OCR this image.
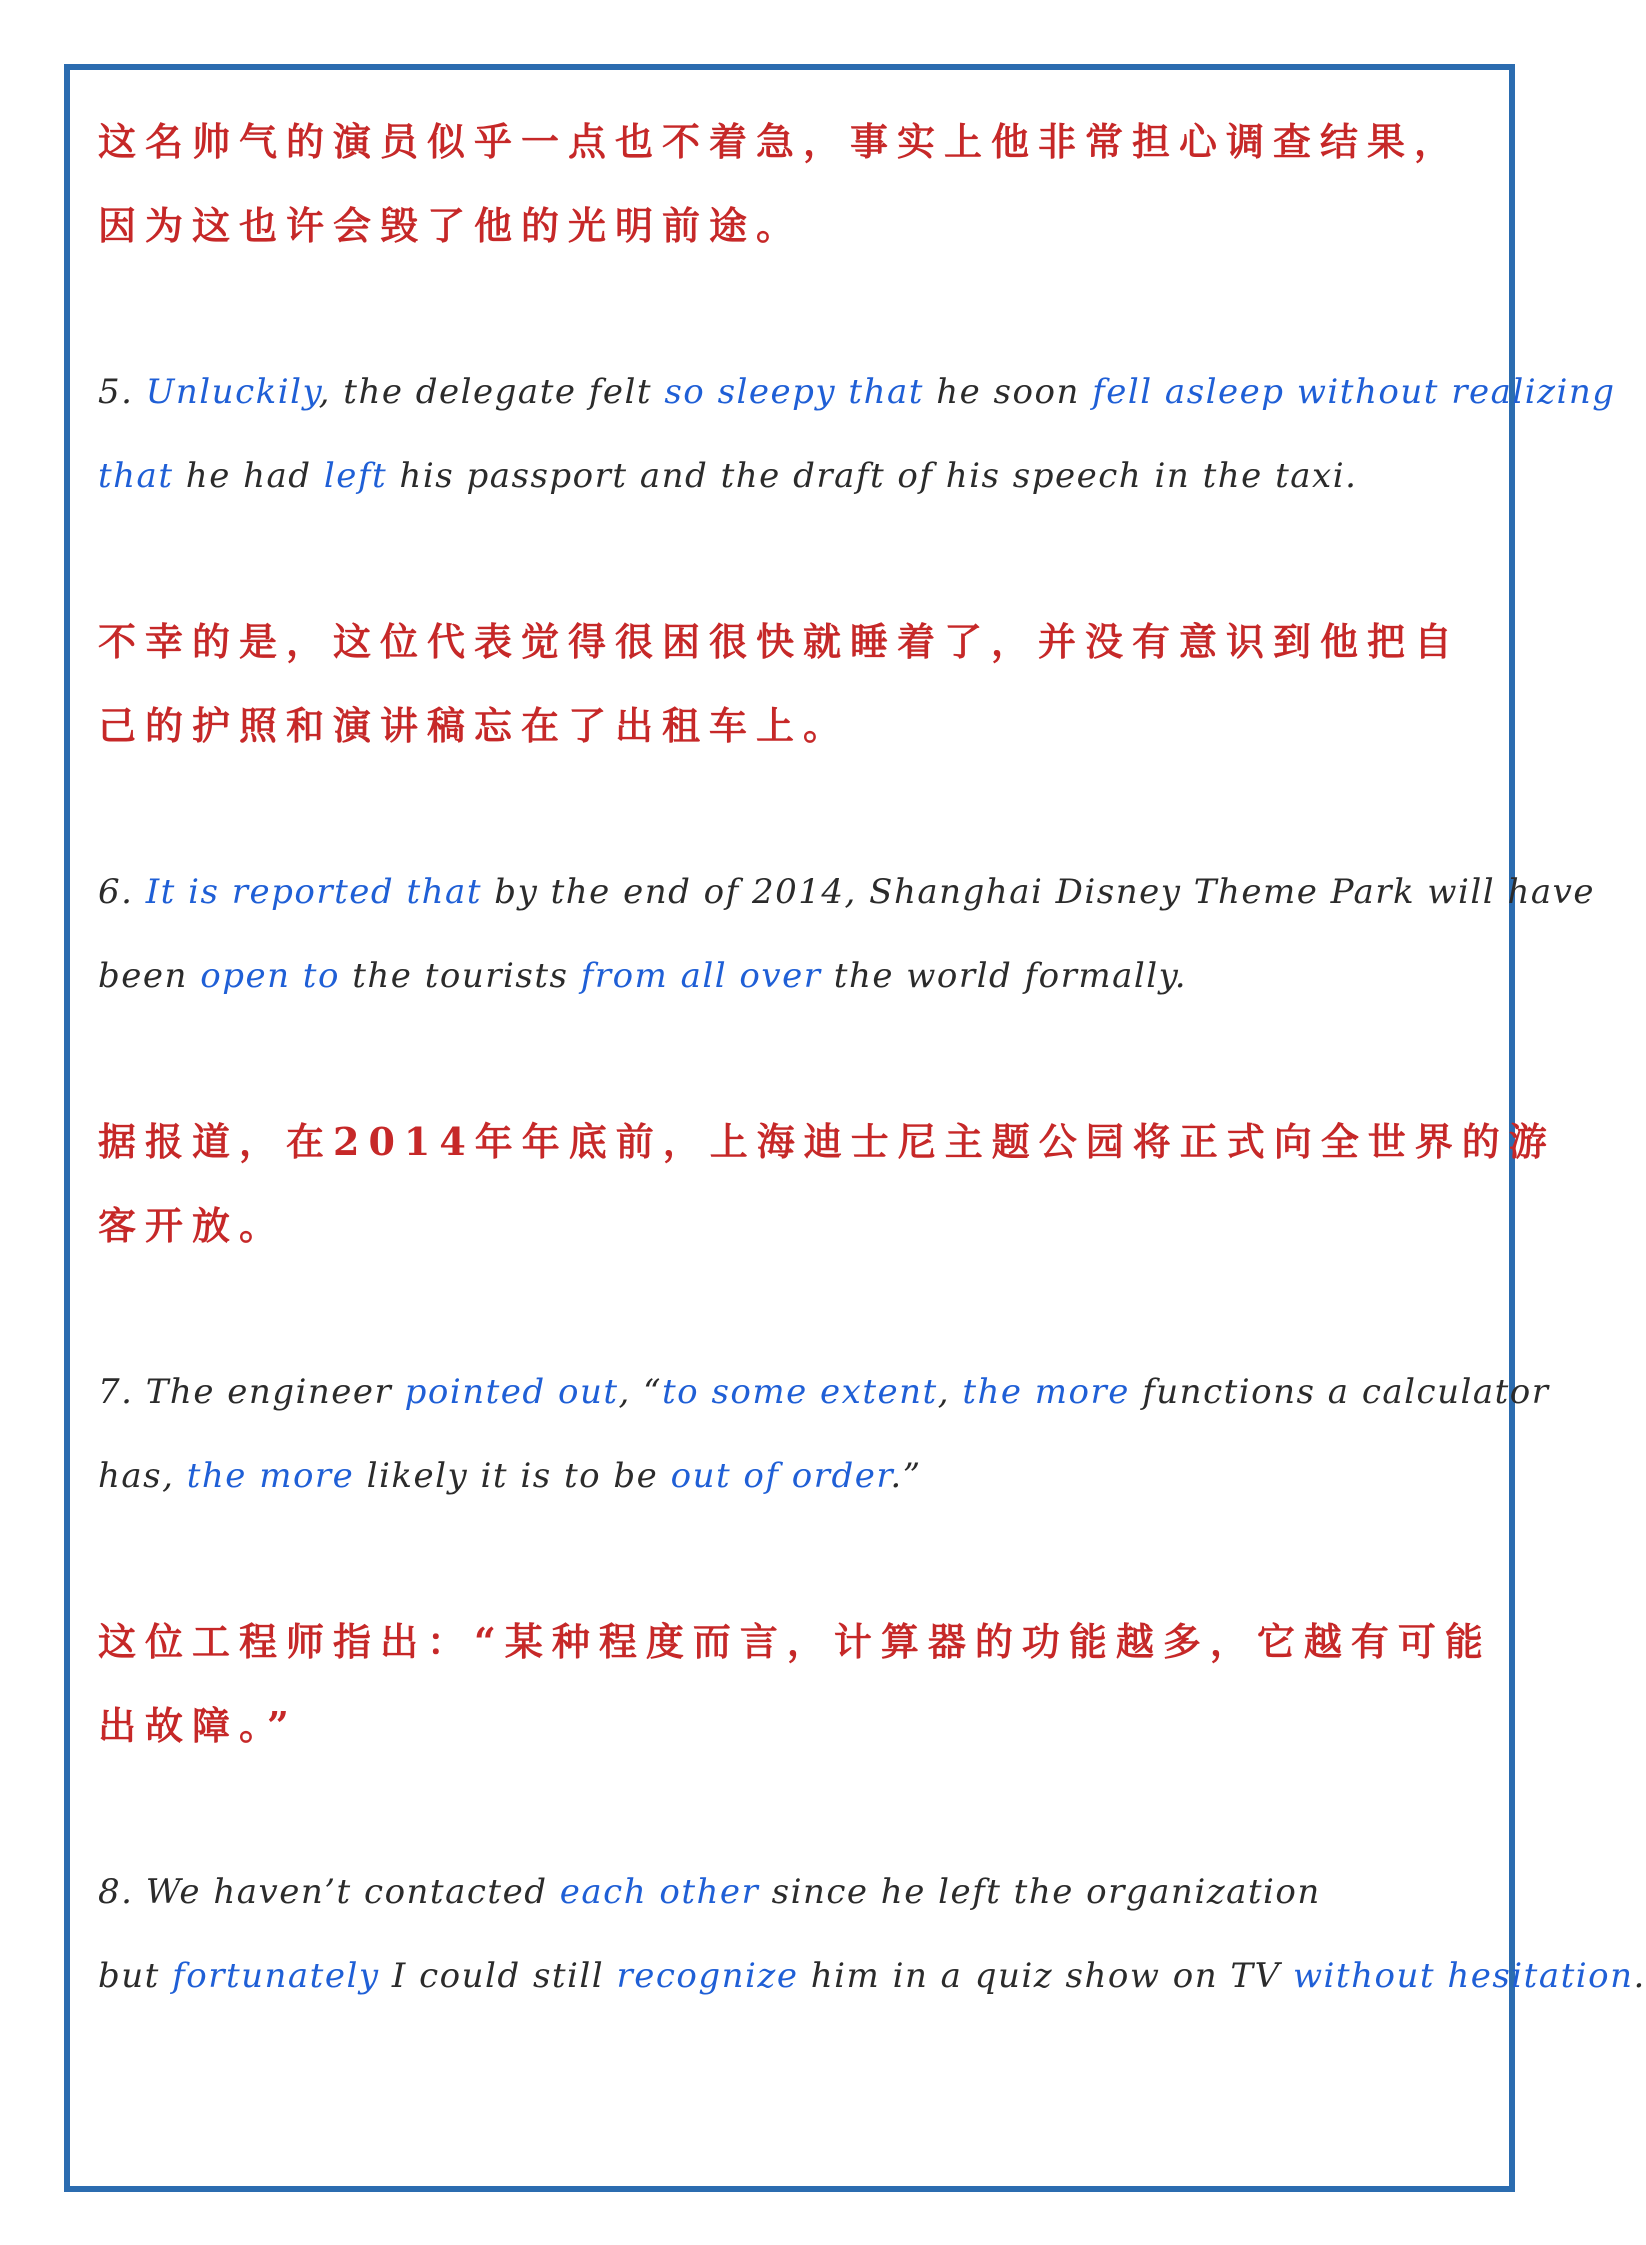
这名帅气的演员似乎一点也不着急，事实上他非常担心调查结果，
因为这也许会毁了他的光明前途。
5. Unluckily, the delegate felt so sleepy that he soon fell asleep without realizing
that he had left his passport and the draft of his speech in the taxi.
不幸的是，这位代表觉得很困很快就睡着了，并没有意识到他把自
己的护照和演讲稿忘在了出租车上。
6. It is reported that by the end of 2014, Shanghai Disney Theme Park will have
been open to the tourists from all over the world formally.
据报道，在2014年年底前，上海迪士尼主题公园将正式向全世界的游
客开放。
7. The engineer pointed out, “to some extent, the more functions a calculator
has, the more likely it is to be out of order.”
这位工程师指出：“某种程度而言，计算器的功能越多，它越有可能
出故障。”
8. We haven’t contacted each other since he left the organization
but fortunately I could still recognize him in a quiz show on TV without hesitation.
